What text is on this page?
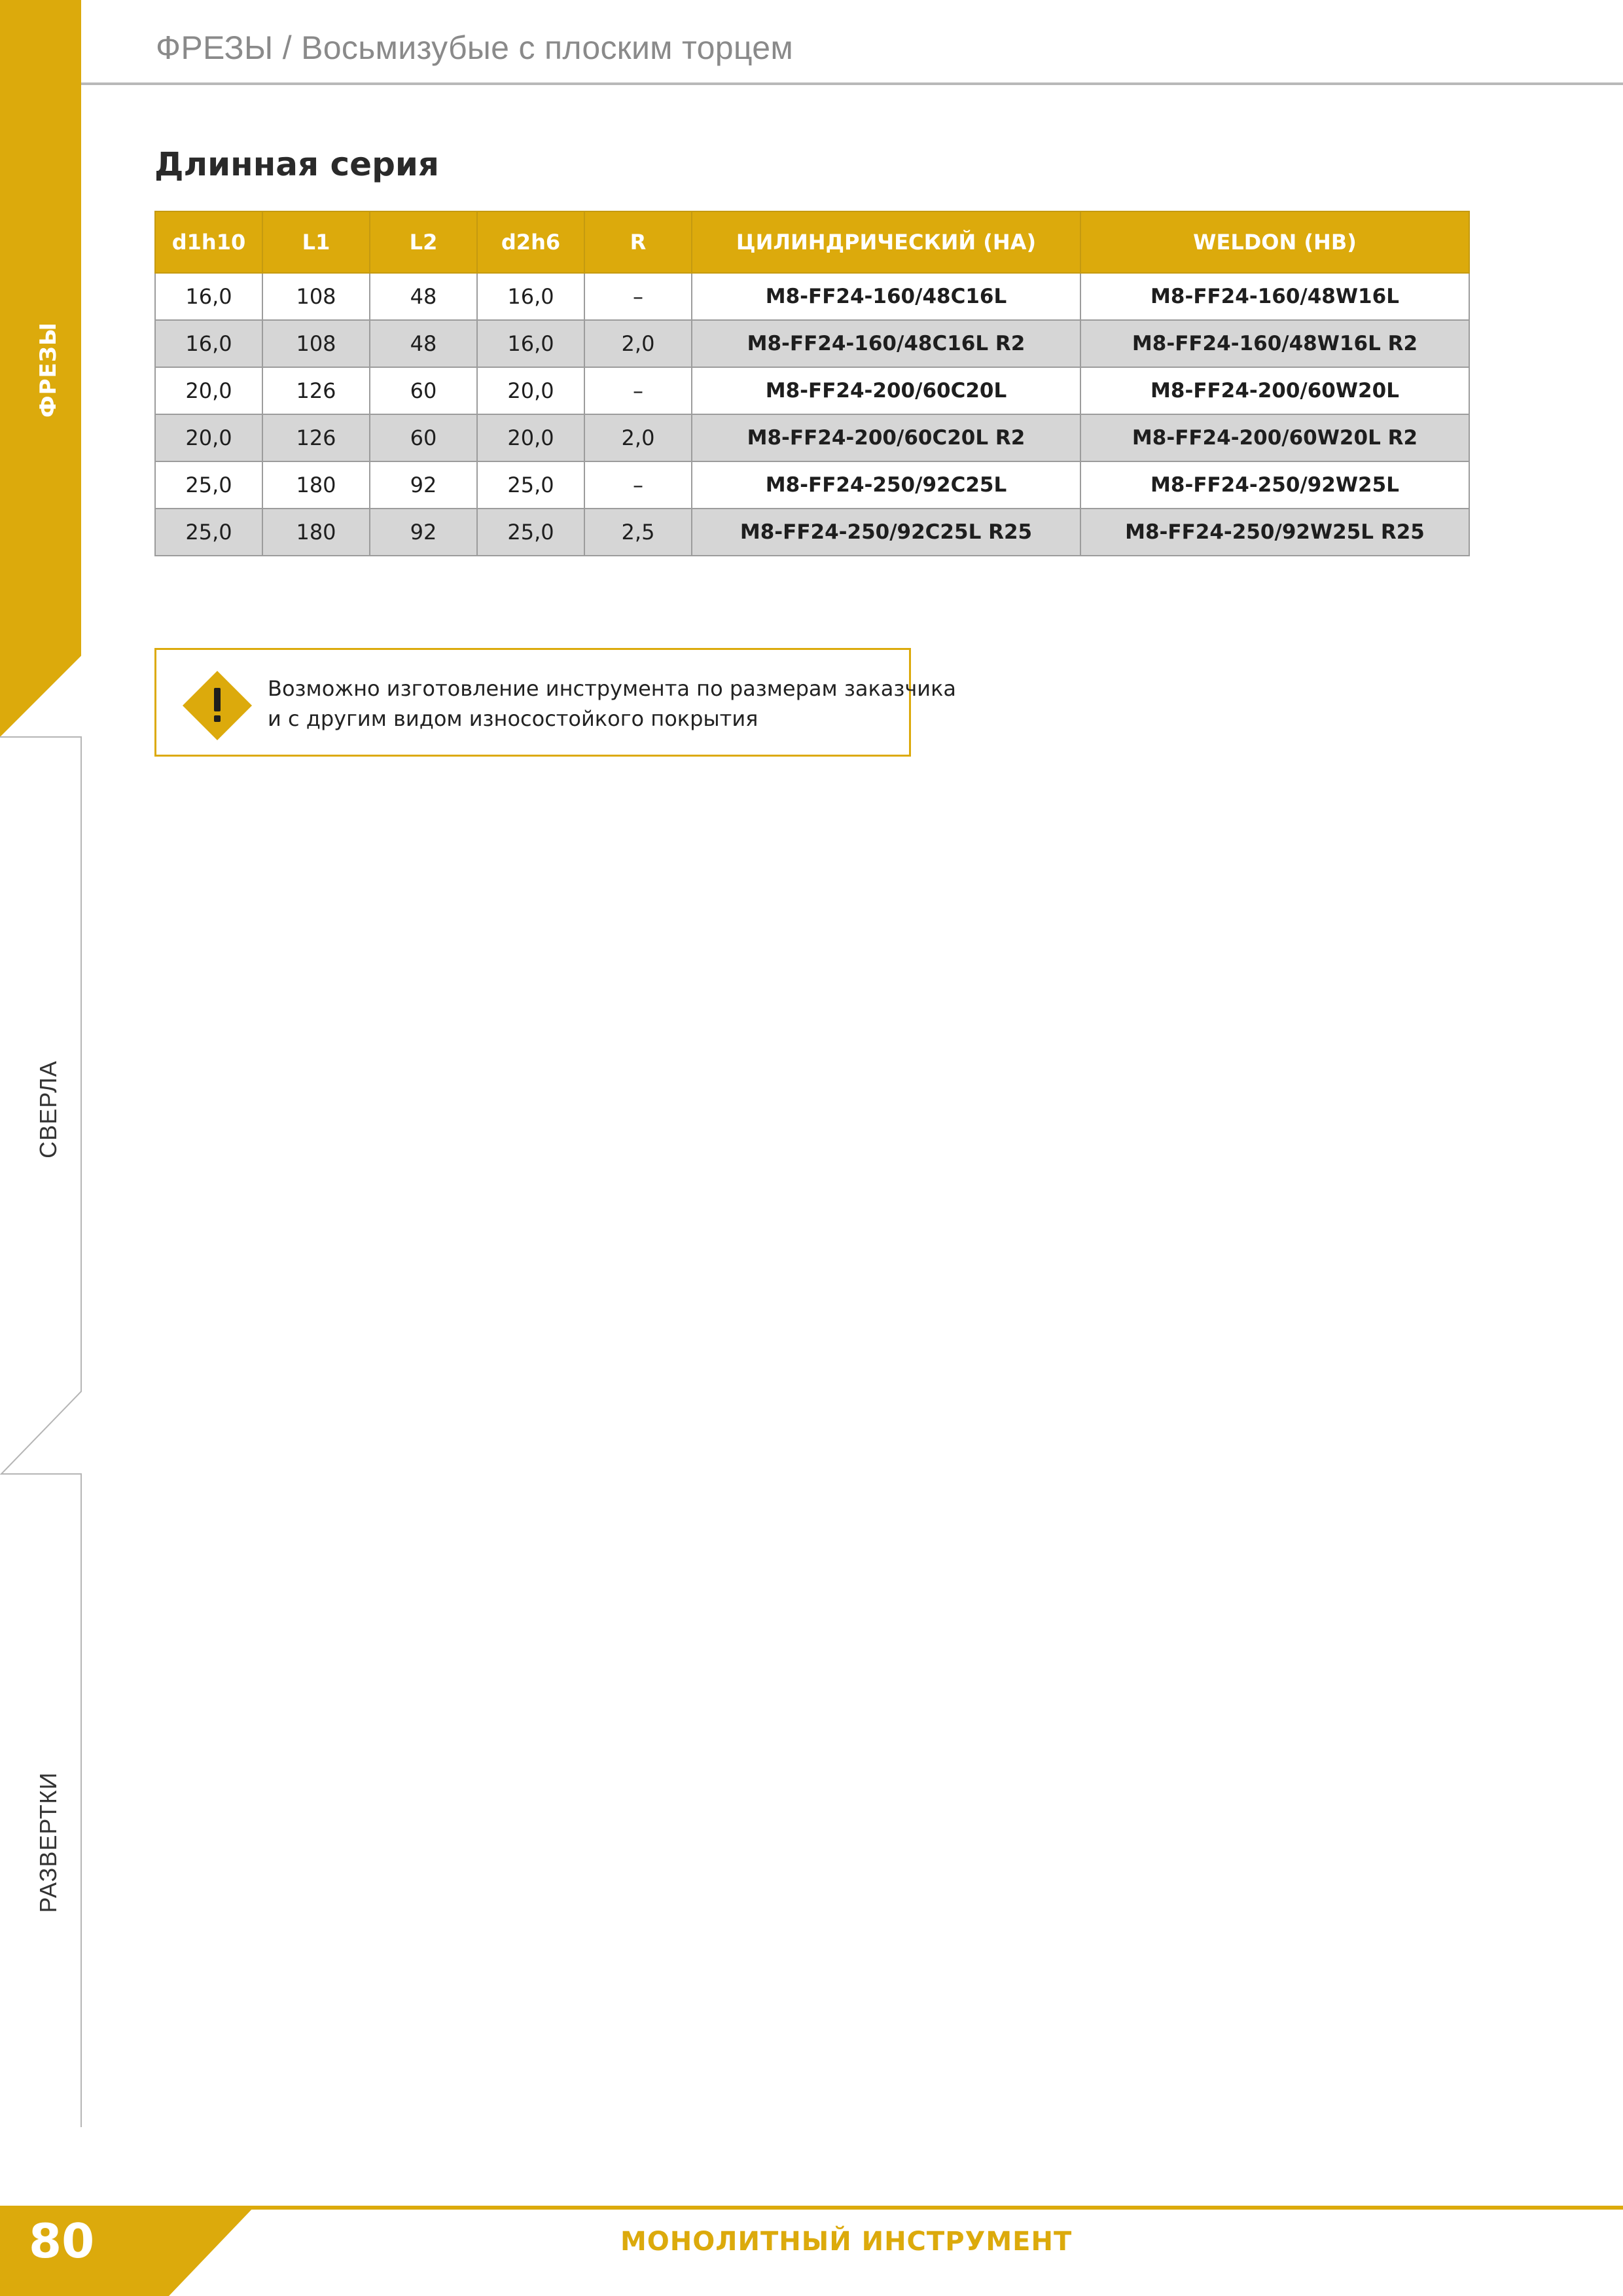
ФРЕЗЫ / Восьмизубые с плоским торцем
ФРЕЗЫ
СВЕРЛА
РАЗВЕРТКИ
Длинная серия
d1h10	L1	L2	d2h6	R	ЦИЛИНДРИЧЕСКИЙ (НА)	WELDON (HB)
16,0	108	48	16,0	–	M8-FF24-160/48C16L	M8-FF24-160/48W16L
16,0	108	48	16,0	2,0	M8-FF24-160/48C16L R2	M8-FF24-160/48W16L R2
20,0	126	60	20,0	–	M8-FF24-200/60C20L	M8-FF24-200/60W20L
20,0	126	60	20,0	2,0	M8-FF24-200/60C20L R2	M8-FF24-200/60W20L R2
25,0	180	92	25,0	–	M8-FF24-250/92C25L	M8-FF24-250/92W25L
25,0	180	92	25,0	2,5	M8-FF24-250/92C25L R25	M8-FF24-250/92W25L R25
Возможно изготовление инструмента по размерам заказчика
и с другим видом износостойкого покрытия
80	МОНОЛИТНЫЙ ИНСТРУМЕНТ
